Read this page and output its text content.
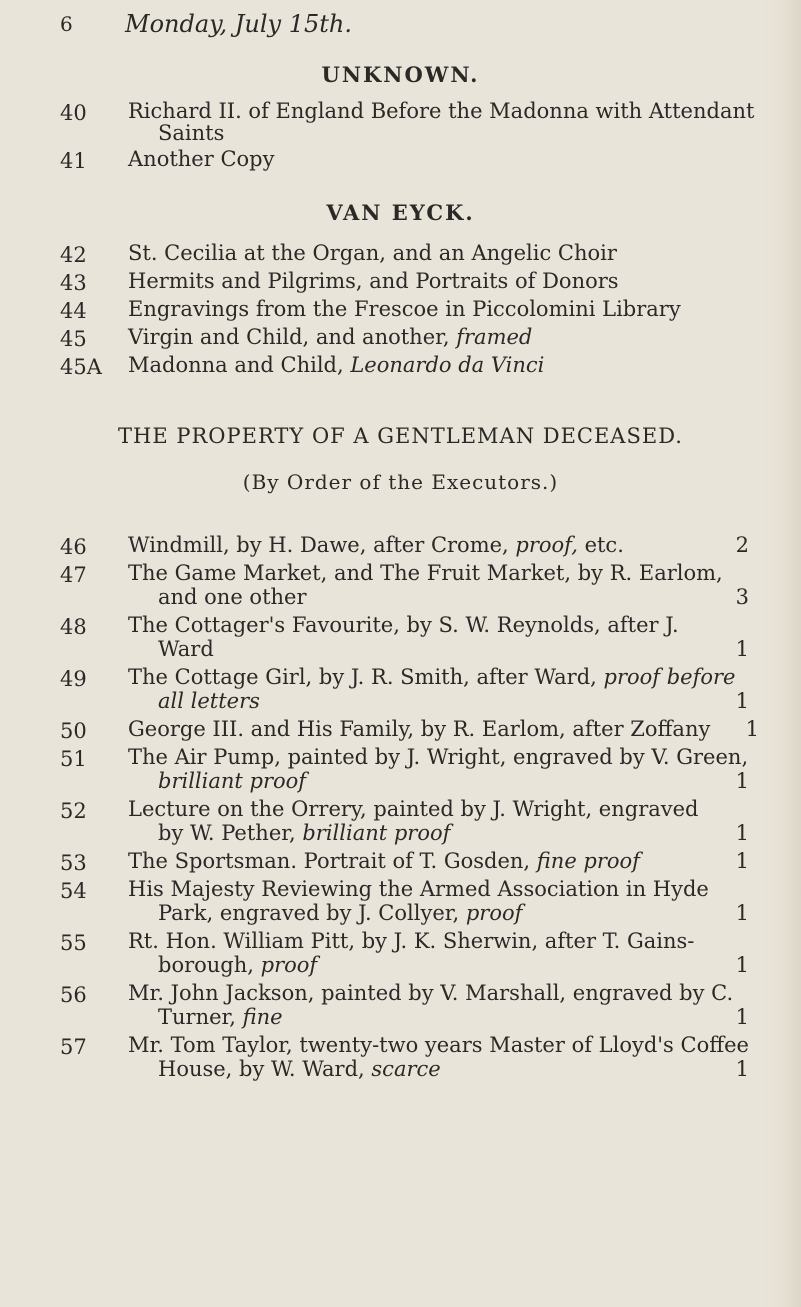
6 Monday, July 15th.
UNKNOWN.
40 Richard II. of England Before the Madonna with Attendant
Saints
41 Another Copy
VAN EYCK.
42 St. Cecilia at the Organ, and an Angelic Choir
43 Hermits and Pilgrims, and Portraits of Donors
44 Engravings from the Frescoe in Piccolomini Library
45 Virgin and Child, and another, framed
45A Madonna and Child, Leonardo da Vinci
THE PROPERTY OF A GENTLEMAN DECEASED.
(By Order of the Executors.)
46 Windmill, by H. Dawe, after Crome, proof, etc.	2
47 The Game Market, and The Fruit Market, by R. Earlom,
and one other	3
48 The Cottager's Favourite, by S. W. Reynolds, after J.
Ward	1
49 The Cottage Girl, by J. R. Smith, after Ward, proof before
all letters	1
50 George III. and His Family, by R. Earlom, after Zoffany 1
51 The Air Pump, painted by J. Wright, engraved by V. Green,
brilliant proof	1
52 Lecture on the Orrery, painted by J. Wright, engraved
by W. Pether, brilliant proof	1
53 The Sportsman. Portrait of T. Gosden, fine proof	1
54 His Majesty Reviewing the Armed Association in Hyde
Park, engraved by J. Collyer, proof	1
55 Rt. Hon. William Pitt, by J. K. Sherwin, after T. Gains-
borough, proof	1
56 Mr. John Jackson, painted by V. Marshall, engraved by C.
Turner, fine	1
57 Mr. Tom Taylor, twenty-two years Master of Lloyd's Coffee
House, by W. Ward, scarce	1
